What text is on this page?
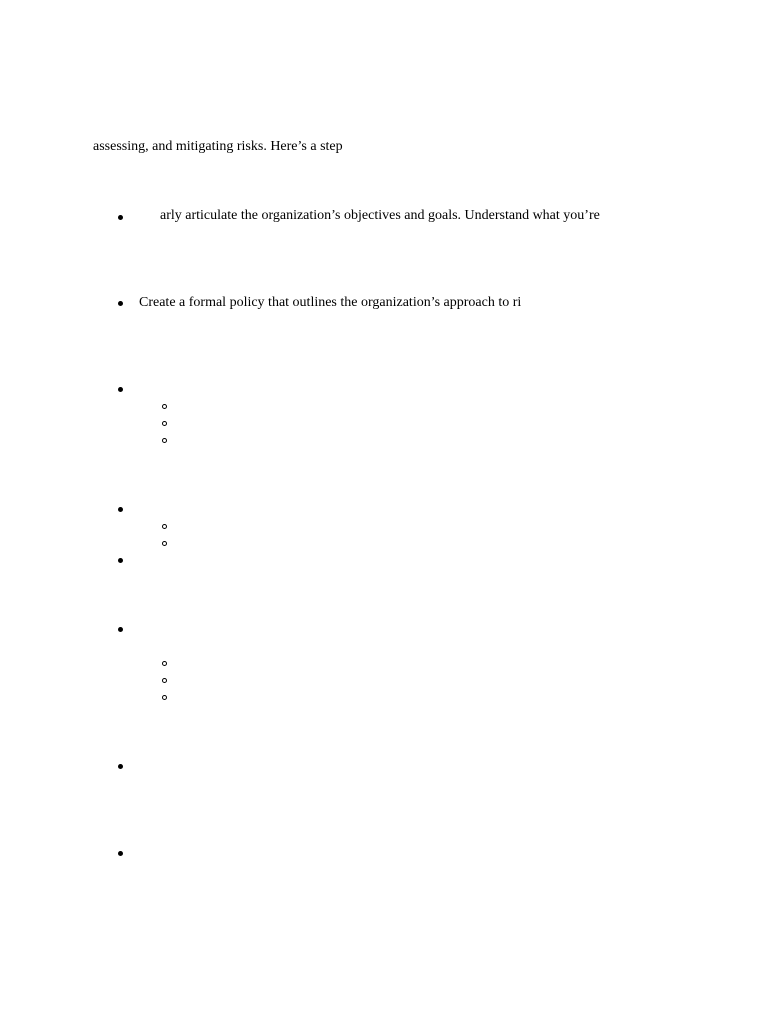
assessing, and mitigating risks. Here’s a step
arly articulate the organization’s objectives and goals. Understand what you’re
Create a formal policy that outlines the organization’s approach to ri
